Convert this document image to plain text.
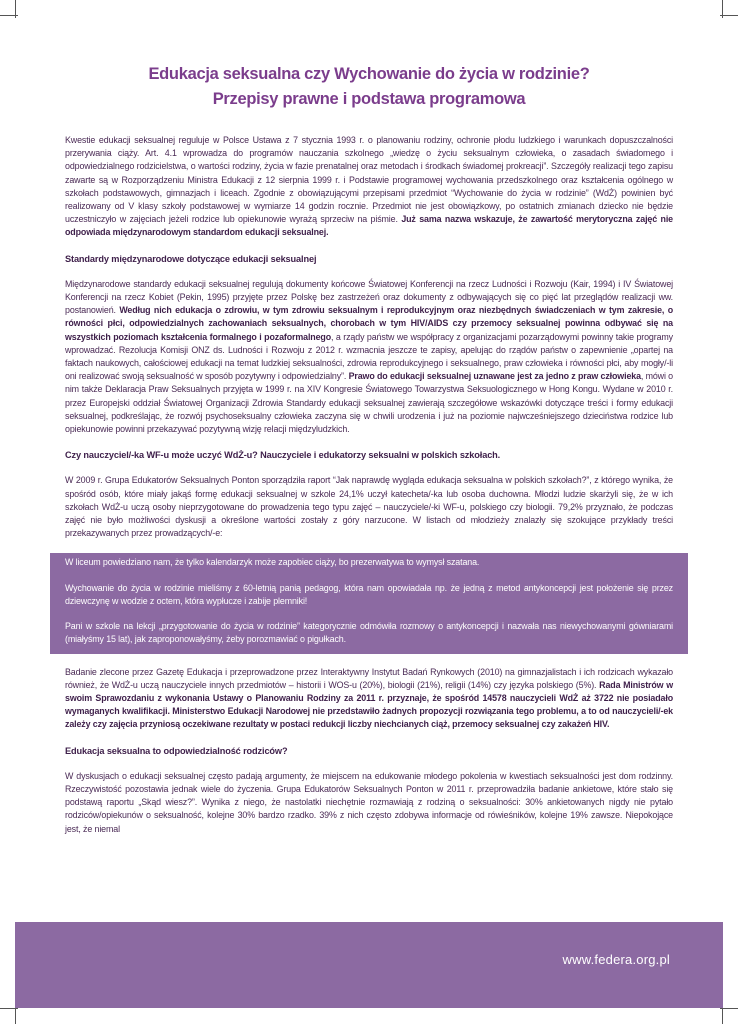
Edukacja seksualna czy Wychowanie do życia w rodzinie?
Przepisy prawne i podstawa programowa

Kwestie edukacji seksualnej reguluje w Polsce Ustawa z 7 stycznia 1993 r. o planowaniu rodziny, ochronie płodu ludzkiego i warunkach dopuszczalności przerywania ciąży. Art. 4.1 wprowadza do programów nauczania szkolnego „wiedzę o życiu seksualnym człowieka, o zasadach świadomego i odpowiedzialnego rodzicielstwa, o wartości rodziny, życia w fazie prenatalnej oraz metodach i środkach świadomej prokreacji”. Szczegóły realizacji tego zapisu zawarte są w Rozporządzeniu Ministra Edukacji z 12 sierpnia 1999 r. i Podstawie programowej wychowania przedszkolnego oraz kształcenia ogólnego w szkołach podstawowych, gimnazjach i liceach. Zgodnie z obowiązującymi przepisami przedmiot “Wychowanie do życia w rodzinie” (WdŻ) powinien być realizowany od V klasy szkoły podstawowej w wymiarze 14 godzin rocznie. Przedmiot nie jest obowiązkowy, po ostatnich zmianach dziecko nie będzie uczestniczyło w zajęciach jeżeli rodzice lub opiekunowie wyrażą sprzeciw na piśmie. Już sama nazwa wskazuje, że zawartość merytoryczna zajęć nie odpowiada międzynarodowym standardom edukacji seksualnej.

Standardy międzynarodowe dotyczące edukacji seksualnej

Międzynarodowe standardy edukacji seksualnej regulują dokumenty końcowe Światowej Konferencji na rzecz Ludności i Rozwoju (Kair, 1994) i IV Światowej Konferencji na rzecz Kobiet (Pekin, 1995) przyjęte przez Polskę bez zastrzeżeń oraz dokumenty z odbywających się co pięć lat przeglądów realizacji ww. postanowień. Według nich edukacja o zdrowiu, w tym zdrowiu seksualnym i reprodukcyjnym oraz niezbędnych świadczeniach w tym zakresie, o równości płci, odpowiedzialnych zachowaniach seksualnych, chorobach w tym HIV/AIDS czy przemocy seksualnej powinna odbywać się na wszystkich poziomach kształcenia formalnego i pozaformalnego, a rządy państw we współpracy z organizacjami pozarządowymi powinny takie programy wprowadzać. Rezolucja Komisji ONZ ds. Ludności i Rozwoju z 2012 r. wzmacnia jeszcze te zapisy, apelując do rządów państw o zapewnienie „opartej na faktach naukowych, całościowej edukacji na temat ludzkiej seksualności, zdrowia reprodukcyjnego i seksualnego, praw człowieka i równości płci, aby mogły/-li oni realizować swoją seksualność w sposób pozytywny i odpowiedzialny”. Prawo do edukacji seksualnej uznawane jest za jedno z praw człowieka, mówi o nim także Deklaracja Praw Seksualnych przyjęta w 1999 r. na XIV Kongresie Światowego Towarzystwa Seksuologicznego w Hong Kongu. Wydane w 2010 r. przez Europejski oddział Światowej Organizacji Zdrowia Standardy edukacji seksualnej zawierają szczegółowe wskazówki dotyczące treści i formy edukacji seksualnej, podkreślając, że rozwój psychoseksualny człowieka zaczyna się w chwili urodzenia i już na poziomie najwcześniejszego dzieciństwa rodzice lub opiekunowie powinni przekazywać pozytywną wizję relacji międzyludzkich.

Czy nauczyciel/-ka WF-u może uczyć WdŻ-u? Nauczyciele i edukatorzy seksualni w polskich szkołach.

W 2009 r. Grupa Edukatorów Seksualnych Ponton sporządziła raport “Jak naprawdę wygląda edukacja seksualna w polskich szkołach?”, z którego wynika, że spośród osób, które miały jakąś formę edukacji seksualnej w szkole 24,1% uczył katecheta/-ka lub osoba duchowna. Młodzi ludzie skarżyli się, że w ich szkołach WdŻ-u uczą osoby nieprzygotowane do prowadzenia tego typu zajęć – nauczyciele/-ki WF-u, polskiego czy biologii. 79,2% przyznało, że podczas zajęć nie było możliwości dyskusji a określone wartości zostały z góry narzucone. W listach od młodzieży znalazły się szokujące przykłady treści przekazywanych przez prowadzących/-e:

W liceum powiedziano nam, że tylko kalendarzyk może zapobiec ciąży, bo prezerwatywa to wymysł szatana.

Wychowanie do życia w rodzinie mieliśmy z 60-letnią panią pedagog, która nam opowiadała np. że jedną z metod antykoncepcji jest położenie się przez dziewczynę w wodzie z octem, która wypłucze i zabije plemniki!

Pani w szkole na lekcji „przygotowanie do życia w rodzinie” kategorycznie odmówiła rozmowy o antykoncepcji i nazwała nas niewychowanymi gówniarami (miałyśmy 15 lat), jak zaproponowałyśmy, żeby porozmawiać o pigułkach.

Badanie zlecone przez Gazetę Edukacja i przeprowadzone przez Interaktywny Instytut Badań Rynkowych (2010) na gimnazjalistach i ich rodzicach wykazało również, że WdŻ-u uczą nauczyciele innych przedmiotów – historii i WOS-u (20%), biologii (21%), religii (14%) czy języka polskiego (5%). Rada Ministrów w swoim Sprawozdaniu z wykonania Ustawy o Planowaniu Rodziny za 2011 r. przyznaje, że spośród 14578 nauczycieli WdŻ aż 3722 nie posiadało wymaganych kwalifikacji. Ministerstwo Edukacji Narodowej nie przedstawiło żadnych propozycji rozwiązania tego problemu, a to od nauczycieli/-ek zależy czy zajęcia przyniosą oczekiwane rezultaty w postaci redukcji liczby niechcianych ciąż, przemocy seksualnej czy zakażeń HIV.

Edukacja seksualna to odpowiedzialność rodziców?

W dyskusjach o edukacji seksualnej często padają argumenty, że miejscem na edukowanie młodego pokolenia w kwestiach seksualności jest dom rodzinny. Rzeczywistość pozostawia jednak wiele do życzenia. Grupa Edukatorów Seksualnych Ponton w 2011 r. przeprowadziła badanie ankietowe, które stało się podstawą raportu „Skąd wiesz?”. Wynika z niego, że nastolatki niechętnie rozmawiają z rodziną o seksualności: 30% ankietowanych nigdy nie pytało rodziców/opiekunów o seksualność, kolejne 30% bardzo rzadko. 39% z nich często zdobywa informacje od rówieśników, kolejne 19% zawsze. Niepokojące jest, że niemal

www.federa.org.pl
